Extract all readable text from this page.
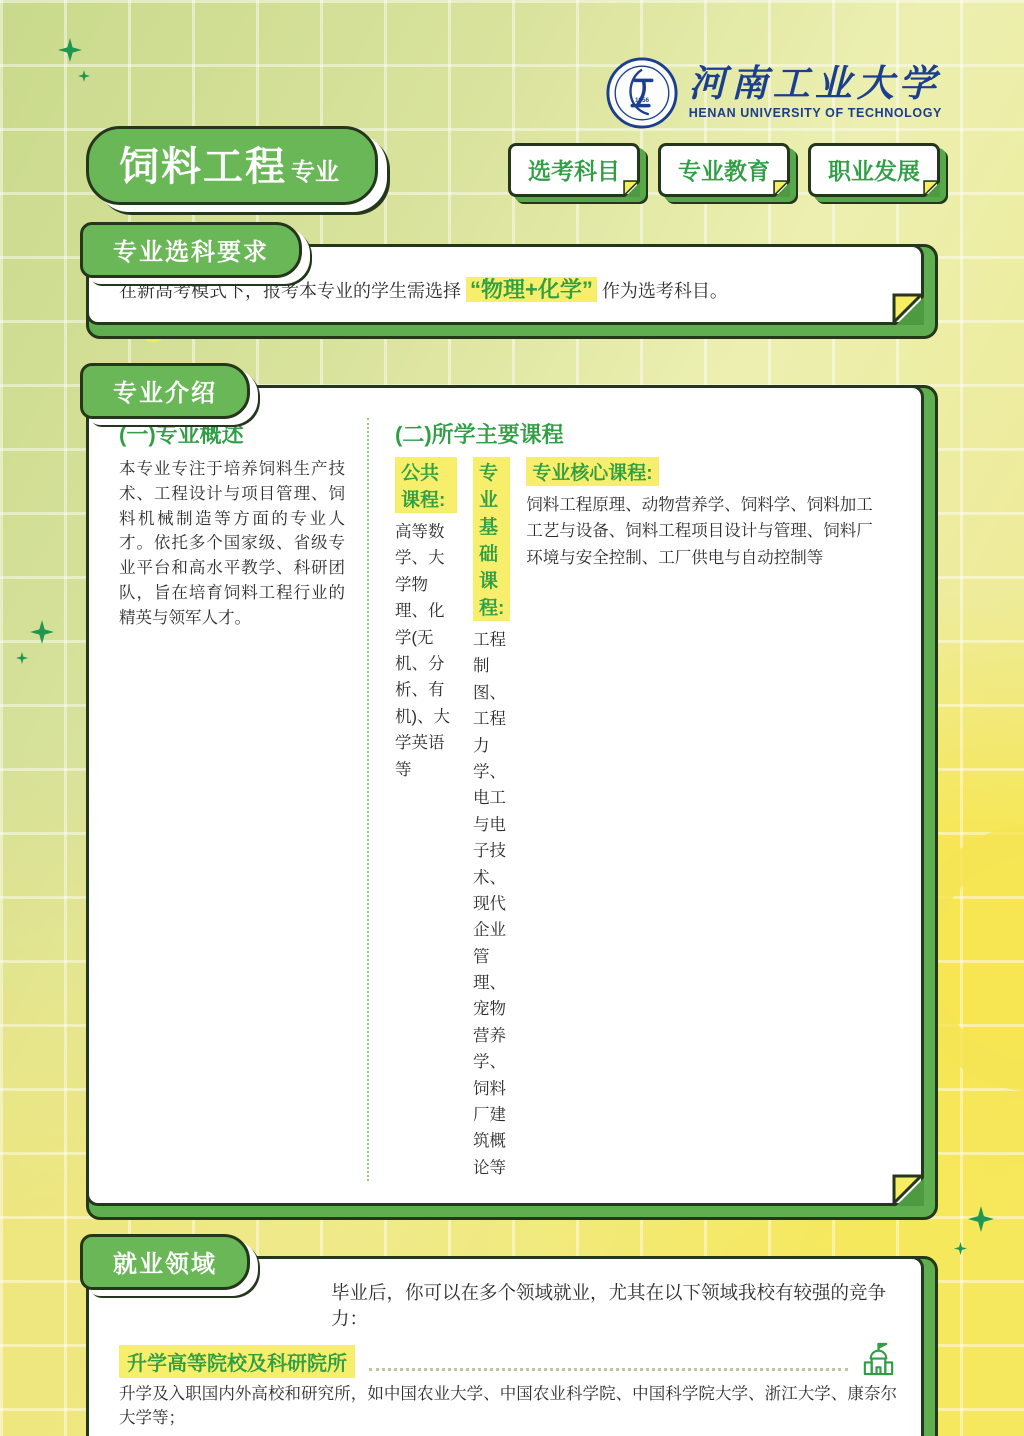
1956 河南工业大学
HENAN UNIVERSITY OF TECHNOLOGY
饲料工程 专业	选考科目	专业教育	职业发展
专业选科要求

在新高考模式下，报考本专业的学生需选择 “物理+化学” 作为选考科目。

专业介绍
(一)专业概述

本专业专注于培养饲料生产技术、工程设计与项目管理、饲料机械制造等方面的专业人才。依托多个国家级、省级专业平台和高水平教学、科研团队，旨在培育饲料工程行业的精英与领军人才。

(二)所学主要课程
公共课程:
高等数学、大学物理、化学(无机、分析、有机)、大学英语等
专业基础课程:
工程制图、工程力学、电工与电子技术、现代企业管理、宠物营养学、饲料厂建筑概论等
专业核心课程:
饲料工程原理、动物营养学、饲料学、饲料加工工艺与设备、饲料工程项目设计与管理、饲料厂环境与安全控制、工厂供电与自动控制等
就业领域
毕业后，你可以在多个领域就业，尤其在以下领域我校有较强的竞争力：
升学高等院校及科研院所
升学及入职国内外高校和研究所，如中国农业大学、中国农业科学院、中国科学院大学、浙江大学、康奈尔大学等；
